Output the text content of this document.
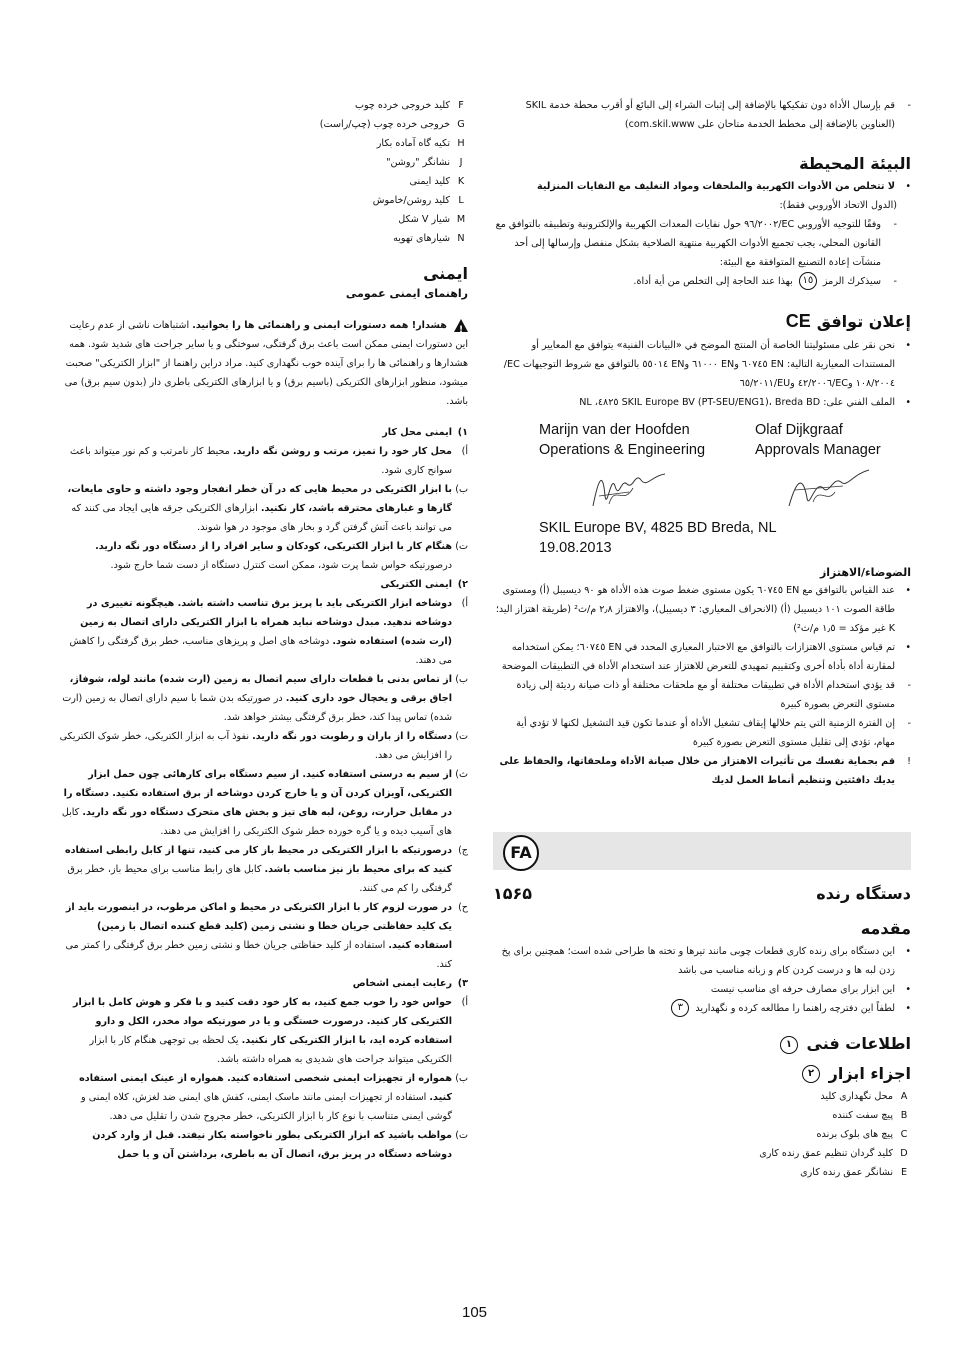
-
قم بإرسال الأداة دون تفكيكها بالإضافة إلى إثبات الشراء إلى البائع أو أقرب محطة خدمة SKIL (العناوين بالإضافة إلى مخطط الخدمة متاحان على com.skil.www)
البيئة المحيطة
•
لا تتخلص من الأدوات الكهربية والملحقات ومواد التغليف مع النفايات المنزلية
(الدول الاتحاد الأوروبي فقط):
-
وفقًا للتوجيه الأوروبي EC/٩٦/٢٠٠٢ حول نفايات المعدات الكهربية والإلكترونية وتطبيقه بالتوافق مع القانون المحلي، يجب تجميع الأدوات الكهربية منتهية الصلاحية بشكل منفصل وإرسالها إلى أحد منشآت إعادة التصنيع المتوافقة مع البيئة:
-
سيذكرك الرمز ١٥ بهذا عند الحاجة إلى التخلص من أية أداة.
إعلان توافقCE
•
نحن نقر على مسئوليتنا الخاصة أن المنتج الموضح في «البيانات الفنية» يتوافق مع المعايير أو المستندات المعيارية التالية: EN ٦٠٧٤٥ وEN ٦١٠٠٠ وEN ٥٥٠١٤ بالتوافق مع شروط التوجيهات EC/١٠٨/٢٠٠٤ وEC/٤٢/٢٠٠٦ وEU/٦٥/٢٠١١
•
الملف الفني على: SKIL Europe BV (PT-SEU/ENG1)، Breda BD ٤٨٢٥، NL
Marijn van der Hoofden
Operations & Engineering
Olaf Dijkgraaf
Approvals Manager
SKIL Europe BV, 4825 BD Breda, NL
19.08.2013
الضوضاء/الاهتزاز
•
عند القياس بالتوافق مع EN ٦٠٧٤٥ يكون مستوى ضغط صوت هذه الأداة هو ٩٠ ديسيبل (أ) ومستوى طاقة الصوت ١٠١ ديسيبل (أ) (الانحراف المعياري: ٣ ديسيبل)، والاهتزاز ٢٫٨ م/ث² (طريقة اهتزاز اليد؛ K غير مؤكد = ١٫٥ م/ث²)
•
تم قياس مستوى الاهتزازات بالتوافق مع الاختبار المعياري المحدد في EN ٦٠٧٤٥؛ يمكن استخدامه لمقارنة أداة بأداة أخرى وكتقييم تمهيدي للتعرض للاهتزاز عند استخدام الأداة في التطبيقات الموضحة
-
قد يؤدي استخدام الأداة في تطبيقات مختلفة أو مع ملحقات مختلفة أو ذات صيانة رديئة إلى زيادة مستوى التعرض بصورة كبيرة
-
إن الفترة الزمنية التي يتم خلالها إيقاف تشغيل الأداة أو عندما تكون قيد التشغيل لكنها لا تؤدي أية مهام، تؤدي إلى تقليل مستوى التعرض بصورة كبيرة
!
قم بحماية نفسك من تأثيرات الاهتزاز من خلال صيانة الأداة وملحقاتها، والحفاظ على يديك دافئتين وتنظيم أنماط العمل لديك
FA
دستگاه رنده
۱۵۶۵
مقدمه
•
این دستگاه برای رنده کاری قطعات چوبی مانند تیرها و تخته ها طراحی شده است؛ همچنین برای پخ زدن لبه ها و درست کردن کام و زبانه مناسب می باشد
•
این ابزار برای مصارف حرفه ای مناسب نیست
•
لطفاً این دفترچه راهنما را مطالعه کرده و نگهدارید ٣
اطلاعات فنی ١
اجزاء ابزار ٢
A
محل نگهداری کلید
B
پیچ سفت کننده
C
پیچ های بلوک برنده
D
کلید گردان تنظیم عمق رنده کاری
E
نشانگر عمق رنده کاری
F
کلید خروجی خرده چوب
G
خروجی خرده چوب (چپ/راست)
H
تکیه گاه آماده بکار
J
نشانگر "روشن"
K
کلید ایمنی
L
کلید روشن/خاموش
M
شیار V شکل
N
شیارهای تهویه
ایمنی
راهنمای ایمنی عمومی
! هشدار! همه دستورات ایمنی و راهنمائی ها را بخوانید. اشتباهات ناشی از عدم رعایت این دستورات ایمنی ممکن است باعث برق گرفتگی، سوختگی و یا سایر جراحت های شدید شود. همه هشدارها و راهنمائی ها را برای آینده خوب نگهداری کنید. مراد دراین راهنما از "ابزار الکتریکی" صحبت میشود، منظور ابزارهای الکتریکی (باسیم برق) و یا ابزارهای الکتریکی باطری دار (بدون سیم برق) می باشد.
١)
ایمنی محل کار
أ)
محل کار خود را تمیز، مرتب و روشن نگه دارید. محیط کار نامرتب و کم نور میتواند باعث سوانح کاری شود.
ب)
با ابزار الکتریکی در محیط هایی که در آن خطر انفجار وجود داشته و حاوی مایعات، گازها و غبارهای محترقه باشد، کار نکنید. ابزارهای الکتریکی جرقه هایی ایجاد می کنند که می توانند باعث آتش گرفتن گرد و بخار های موجود در هوا شوند.
ت)
هنگام کار با ابزار الکتریکی، کودکان و سایر افراد را از دستگاه دور نگه دارید. درصورتیکه حواس شما پرت شود، ممکن است کنترل دستگاه از دست شما خارج شود.
٢)
ایمنی الکتریکی
أ)
دوشاخه ابزار الکتریکی باید با پریز برق تناسب داشته باشد. هیچگونه تغییری در دوشاخه ندهید. مبدل دوشاخه نباید همراه با ابزار الکتریکی دارای اتصال به زمین (ارت شده) استفاده شود. دوشاخه های اصل و پریزهای مناسب، خطر برق گرفتگی را کاهش می دهند.
ب)
از تماس بدنی با قطعات دارای سیم اتصال به زمین (ارت شده) مانند لوله، شوفاژ، اجاق برقی و یخچال خود داری کنید. در صورتیکه بدن شما با سیم دارای اتصال به زمین (ارت شده) تماس پیدا کند، خطر برق گرفتگی بیشتر خواهد شد.
ت)
دستگاه را از باران و رطوبت دور نگه دارید. نفوذ آب به ابزار الکتریکی، خطر شوک الکتریکی را افزایش می دهد.
ث)
از سیم به درستی استفاده کنید. از سیم دستگاه برای کارهائی چون حمل ابزار الکتریکی، آویزان کردن آن و یا خارج کردن دوشاخه از برق استفاده نکنید. دستگاه را در مقابل حرارت، روغن، لبه های تیز و بخش های متحرک دستگاه دور نگه دارید. کابل های آسیب دیده و یا گره خورده خطر شوک الکتریکی را افزایش می دهند.
ج)
درصورتیکه با ابزار الکتریکی در محیط باز کار می کنید، تنها از کابل رابطی استفاده کنید که برای محیط باز نیز مناسب باشد. کابل های رابط مناسب برای محیط باز، خطر برق گرفتگی را کم می کنند.
ح)
در صورت لزوم کار با ابزار الکتریکی در محیط و اماکن مرطوب، در اینصورت باید از یک کلید حفاظتی جریان خطا و نشتی زمین (کلید قطع کننده اتصال با زمین) استفاده کنید. استفاده از کلید حفاظتی جریان خطا و نشتی زمین خطر برق گرفتگی را کمتر می کند.
٣)
رعایت ایمنی اشخاص
أ)
حواس خود را خوب جمع کنید، به کار خود دقت کنید و با فکر و هوش کامل با ابزار الکتریکی کار کنید. درصورت خستگی و یا در صورتیکه مواد مخدر، الکل و دارو استفاده کرده اید، با ابزار الکتریکی کار نکنید. یک لحظه بی توجهی هنگام کار با ابزار الکتریکی میتواند جراحت های شدیدی به همراه داشته باشد.
ب)
همواره از تجهیزات ایمنی شخصی استفاده کنید. همواره از عینک ایمنی استفاده کنید. استفاده از تجهیزات ایمنی مانند ماسک ایمنی، کفش های ایمنی ضد لغزش، کلاه ایمنی و گوشی ایمنی متناسب با نوع کار با ابزار الکتریکی، خطر مجروح شدن را تقلیل می دهد.
ت)
مواظب باشید که ابزار الکتریکی بطور ناخواسته بکار نیفتد. قبل از وارد کردن دوشاخه دستگاه در پریز برق، اتصال آن به باطری، برداشتن آن و یا حمل
105
